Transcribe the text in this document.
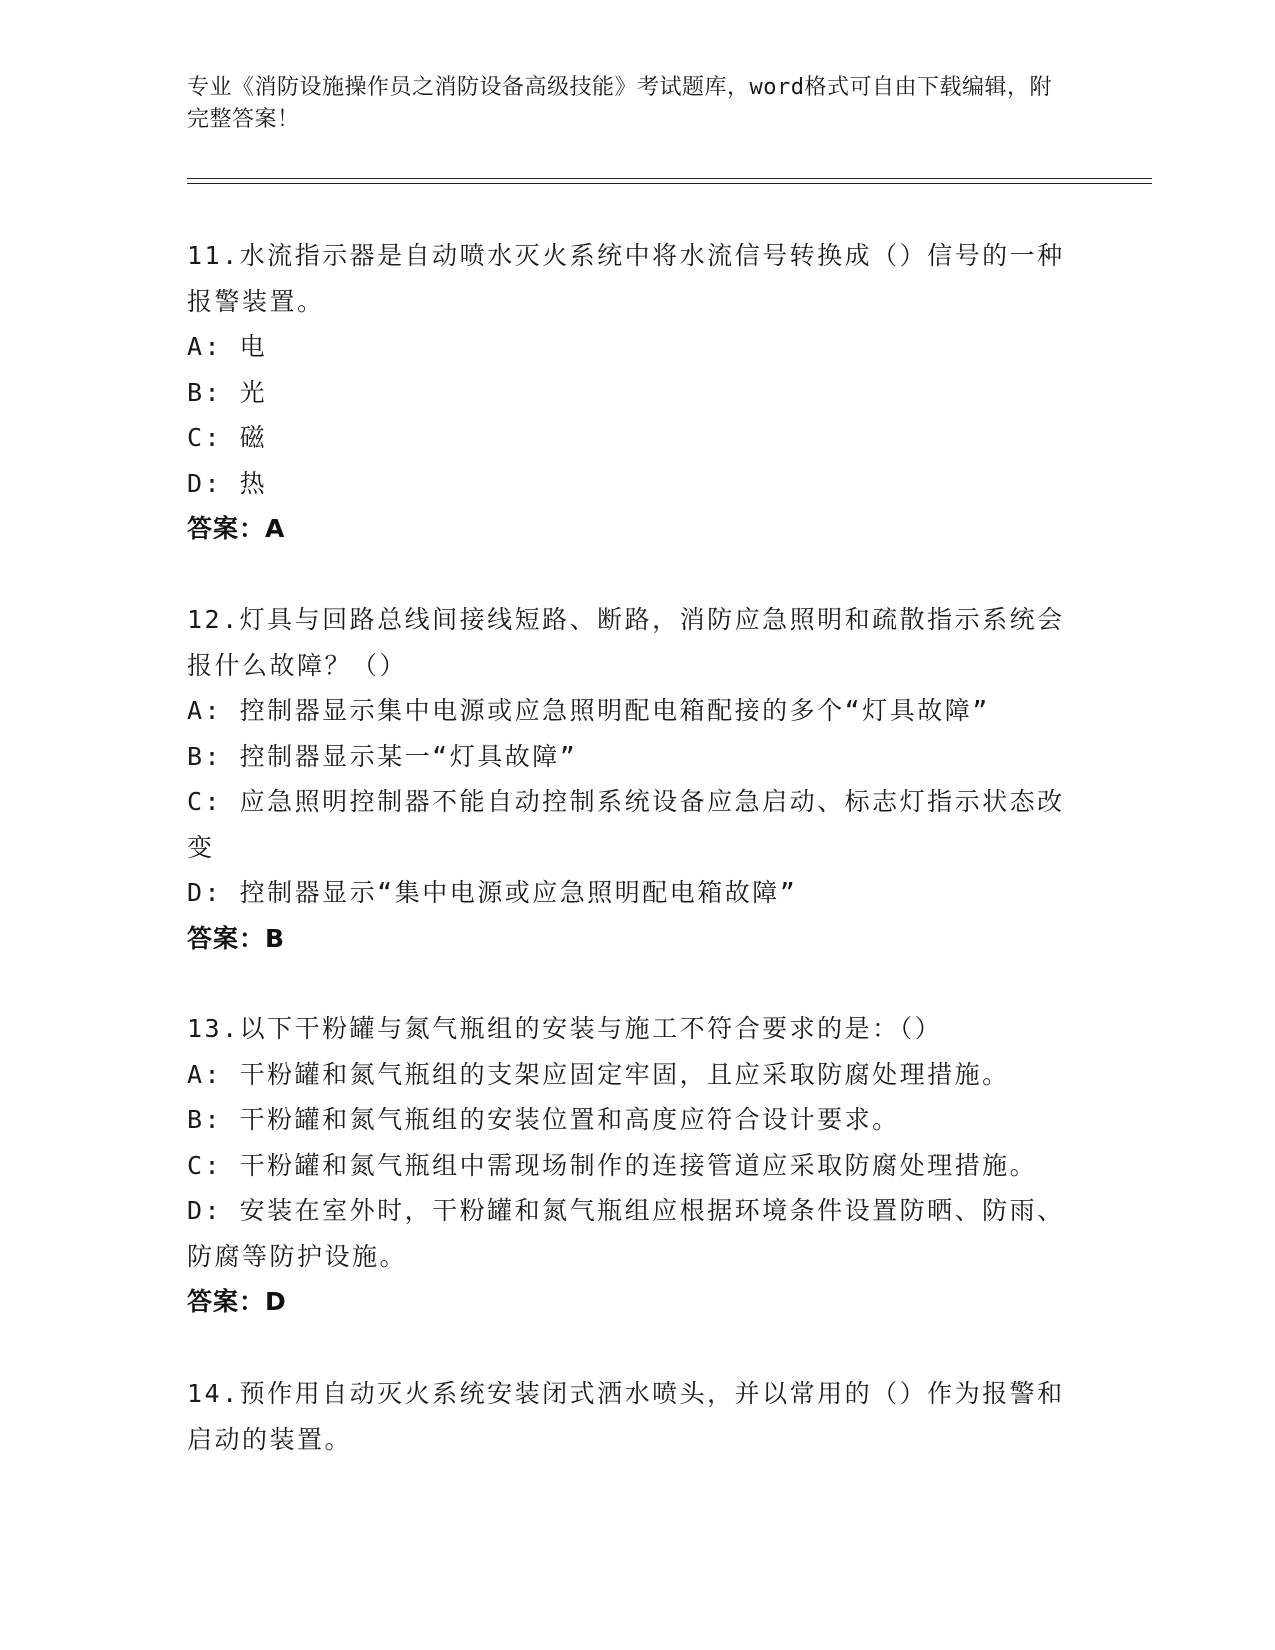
专业《消防设施操作员之消防设备高级技能》考试题库，word格式可自由下载编辑，附完整答案！
11.水流指示器是自动喷水灭火系统中将水流信号转换成（）信号的一种报警装置。
A: 电
B: 光
C: 磁
D: 热
答案：A
12.灯具与回路总线间接线短路、断路，消防应急照明和疏散指示系统会报什么故障？（）
A: 控制器显示集中电源或应急照明配电箱配接的多个“灯具故障”
B: 控制器显示某一“灯具故障”
C: 应急照明控制器不能自动控制系统设备应急启动、标志灯指示状态改变
D: 控制器显示“集中电源或应急照明配电箱故障”
答案：B
13.以下干粉罐与氮气瓶组的安装与施工不符合要求的是：（）
A: 干粉罐和氮气瓶组的支架应固定牢固，且应采取防腐处理措施。
B: 干粉罐和氮气瓶组的安装位置和高度应符合设计要求。
C: 干粉罐和氮气瓶组中需现场制作的连接管道应采取防腐处理措施。
D: 安装在室外时，干粉罐和氮气瓶组应根据环境条件设置防晒、防雨、防腐等防护设施。
答案：D
14.预作用自动灭火系统安装闭式洒水喷头，并以常用的（）作为报警和启动的装置。
